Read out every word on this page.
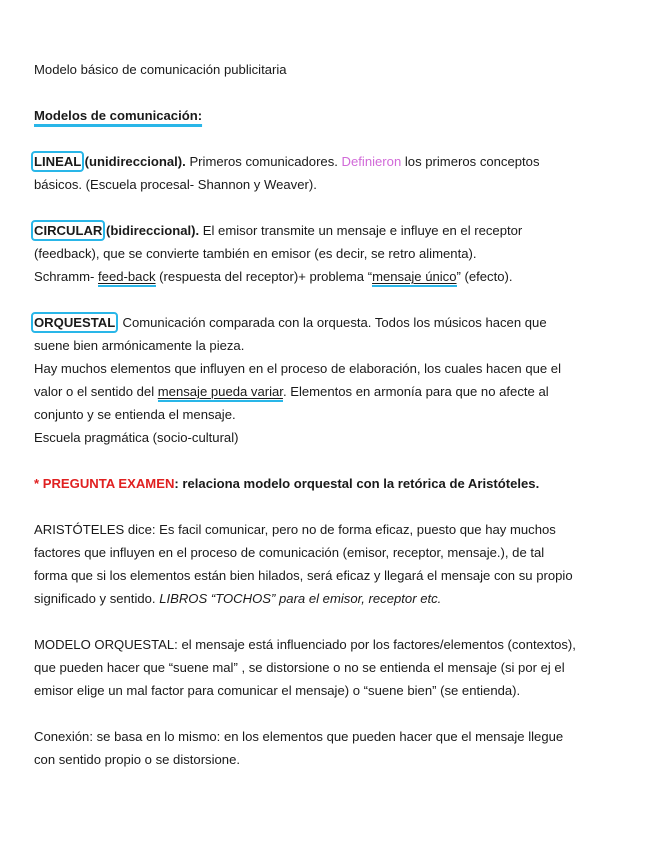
Modelo básico de comunicación publicitaria

Modelos de comunicación:

LINEAL (unidireccional). Primeros comunicadores. Definieron los primeros conceptos

básicos. (Escuela procesal- Shannon y Weaver).

CIRCULAR (bidireccional). El emisor transmite un mensaje e influye en el receptor

(feedback), que se convierte también en emisor (es decir, se retro alimenta).

Schramm- feed-back (respuesta del receptor)+ problema “mensaje único” (efecto).

ORQUESTAL. Comunicación comparada con la orquesta. Todos los músicos hacen que

suene bien armónicamente la pieza.

Hay muchos elementos que influyen en el proceso de elaboración, los cuales hacen que el

valor o el sentido del mensaje pueda variar. Elementos en armonía para que no afecte al

conjunto y se entienda el mensaje.

Escuela pragmática (socio-cultural)

* PREGUNTA EXAMEN: relaciona modelo orquestal con la retórica de Aristóteles.

ARISTÓTELES dice: Es facil comunicar, pero no de forma eficaz, puesto que hay muchos

factores que influyen en el proceso de comunicación (emisor, receptor, mensaje.), de tal

forma que si los elementos están bien hilados, será eficaz y llegará el mensaje con su propio

significado y sentido. LIBROS “TOCHOS” para el emisor, receptor etc.

MODELO ORQUESTAL: el mensaje está influenciado por los factores/elementos (contextos),

que pueden hacer que “suene mal” , se distorsione o no se entienda el mensaje (si por ej el

emisor elige un mal factor para comunicar el mensaje) o “suene bien” (se entienda).

Conexión: se basa en lo mismo: en los elementos que pueden hacer que el mensaje llegue

con sentido propio o se distorsione.
